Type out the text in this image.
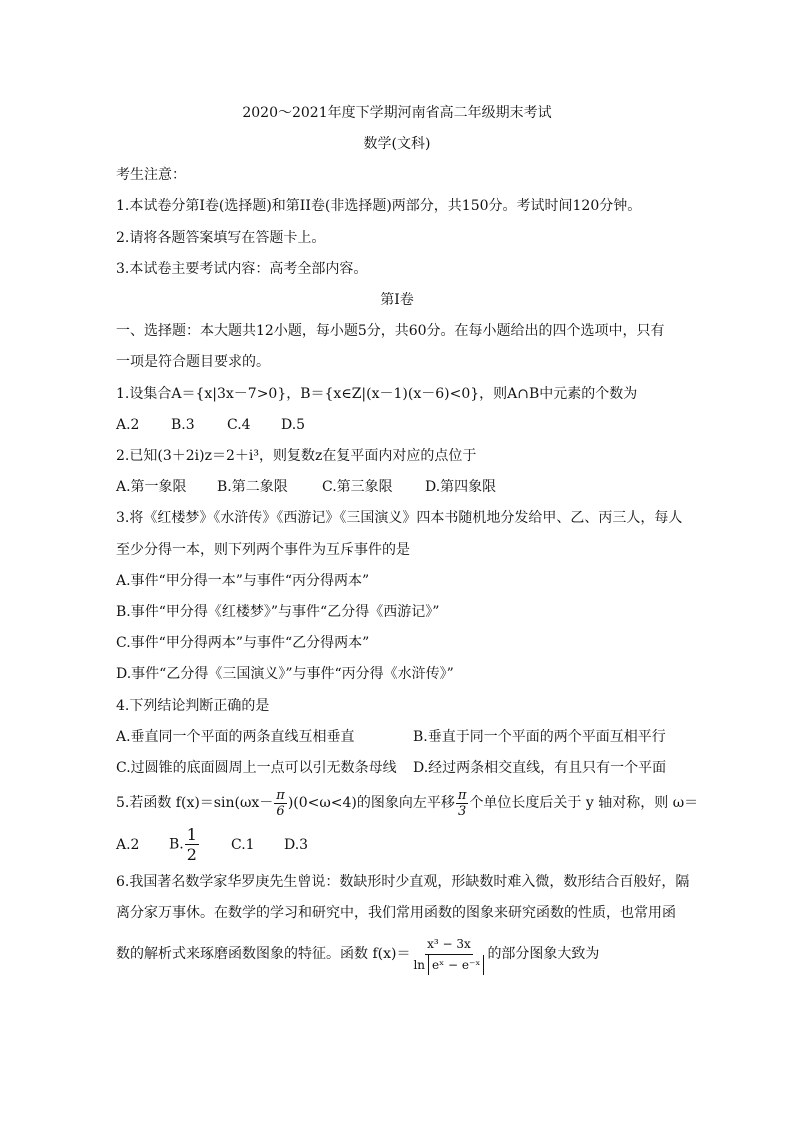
2020～2021年度下学期河南省高二年级期末考试
数学(文科)
考生注意：
1.本试卷分第I卷(选择题)和第II卷(非选择题)两部分，共150分。考试时间120分钟。
2.请将各题答案填写在答题卡上。
3.本试卷主要考试内容：高考全部内容。
第I卷
一、选择题：本大题共12小题，每小题5分，共60分。在每小题给出的四个选项中，只有
一项是符合题目要求的。
1.设集合A＝{x|3x－7>0}，B＝{x∈Z|(x－1)(x－6)<0}，则A∩B中元素的个数为
A.2 B.3 C.4 D.5
2.已知(3＋2i)z＝2＋i³，则复数z在复平面内对应的点位于
A.第一象限 B.第二象限 C.第三象限 D.第四象限
3.将《红楼梦》《水浒传》《西游记》《三国演义》四本书随机地分发给甲、乙、丙三人，每人
至少分得一本，则下列两个事件为互斥事件的是
A.事件“甲分得一本”与事件“丙分得两本”
B.事件“甲分得《红楼梦》”与事件“乙分得《西游记》”
C.事件“甲分得两本”与事件“乙分得两本”
D.事件“乙分得《三国演义》”与事件“丙分得《水浒传》”
4.下列结论判断正确的是
A.垂直同一个平面的两条直线互相垂直	B.垂直于同一个平面的两个平面互相平行
C.过圆锥的底面圆周上一点可以引无数条母线 D.经过两条相交直线，有且只有一个平面
5.若函数 $f(x)=\sin(\omega x- \frac{\pi}{6} )(0<\omega<4)$的图象向左平移 $\frac{\pi}{3}$ 个单位长度后关于 y 轴对称，则 ω＝
A.2 B. $\frac{1}{2} C.1$ D.3
6.我国著名数学家华罗庚先生曾说：数缺形时少直观，形缺数时难入微，数形结合百般好，隔
离分家万事休。在数学的学习和研究中，我们常用函数的图象来研究函数的性质，也常用函
数的解析式来琢磨函数图象的特征。函数 $f(x)= \frac{\text{x³ − 3x}}{\text{ln eˣ − e⁻ˣ}}$ 的部分图象大致为
